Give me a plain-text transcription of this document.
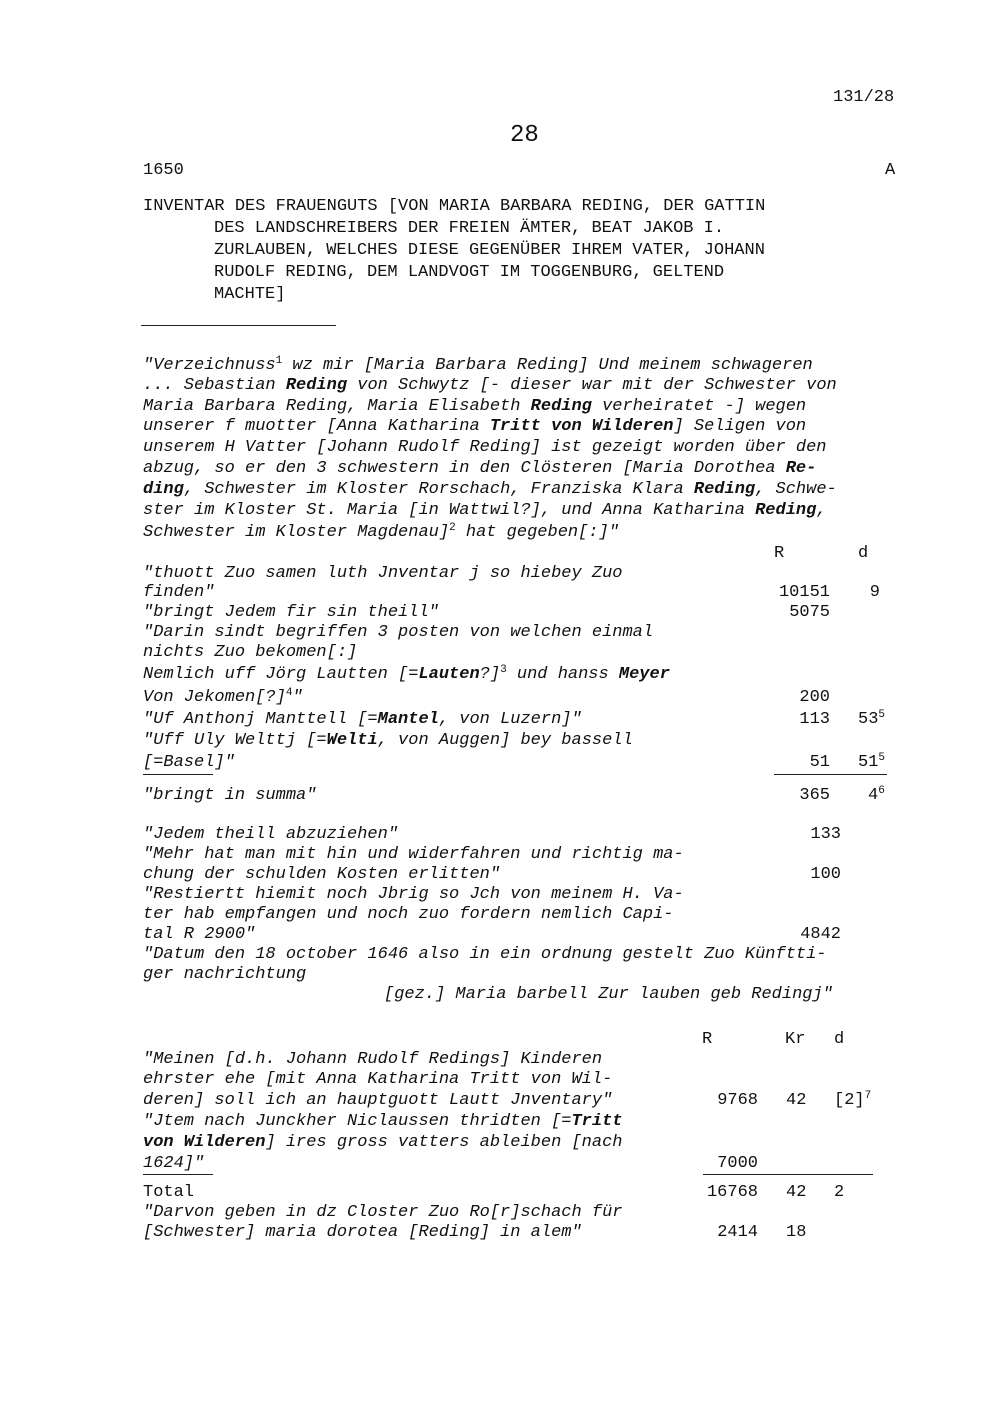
131/28
28
1650	A
INVENTAR DES FRAUENGUTS [VON MARIA BARBARA REDING, DER GATTIN
DES LANDSCHREIBERS DER FREIEN ÄMTER, BEAT JAKOB I.
ZURLAUBEN, WELCHES DIESE GEGENÜBER IHREM VATER, JOHANN
RUDOLF REDING, DEM LANDVOGT IM TOGGENBURG, GELTEND
MACHTE]
"Verzeichnuss$^1$ wz mir [Maria Barbara Reding] Und meinem schwageren
... Sebastian Reding von Schwytz [- dieser war mit der Schwester von
Maria Barbara Reding, Maria Elisabeth Reding verheiratet -] wegen
unserer f muotter [Anna Katharina Tritt von Wilderen] Seligen von
unserem H Vatter [Johann Rudolf Reding] ist gezeigt worden über den
abzug, so er den 3 schwestern in den Clösteren [Maria Dorothea Re-
ding, Schwester im Kloster Rorschach, Franziska Klara Reding, Schwe-
ster im Kloster St. Maria [in Wattwil?], und Anna Katharina Reding,
Schwester im Kloster Magdenau]$^2$ hat gegeben[:]"
R	d
"thuott Zuo samen luth Jnventar j so hiebey Zuo
finden"	10151	9
"bringt Jedem fir sin theill"	5075
"Darin sindt begriffen 3 posten von welchen einmal
nichts Zuo bekomen[:]
Nemlich uff Jörg Lautten [=Lauten?]$^3$ und hanss Meyer
Von Jekomen[?]$^4$"	200
"Uf Anthonj Manttell [=Mantel, von Luzern]"	113 $53^5$
"Uff Uly Welttj [=Welti, von Auggen] bey bassell
[=Basel]"	51 $51^5$
"bringt in summa"	365 $4^6$
"Jedem theill abzuziehen"	133
"Mehr hat man mit hin und widerfahren und richtig ma-
chung der schulden Kosten erlitten"	100
"Restiertt hiemit noch Jbrig so Jch von meinem H. Va-
ter hab empfangen und noch zuo fordern nemlich Capi-
tal R 2900"	4842
"Datum den 18 october 1646 also in ein ordnung gestelt Zuo Künftti-
ger nachrichtung
[gez.] Maria barbell Zur lauben geb Redingj"
R	Kr d
"Meinen [d.h. Johann Rudolf Redings] Kinderen
ehrster ehe [mit Anna Katharina Tritt von Wil-
deren] soll ich an hauptguott Lautt Jnventary"	9768 42 $[2]^7$
"Jtem nach Junckher Niclaussen thridten [=Tritt
von Wilderen] ires gross vatters ableiben [nach
1624]"	7000
Total	16768 42 2
"Darvon geben in dz Closter Zuo Ro[r]schach für
[Schwester] maria dorotea [Reding] in alem"	2414 18
